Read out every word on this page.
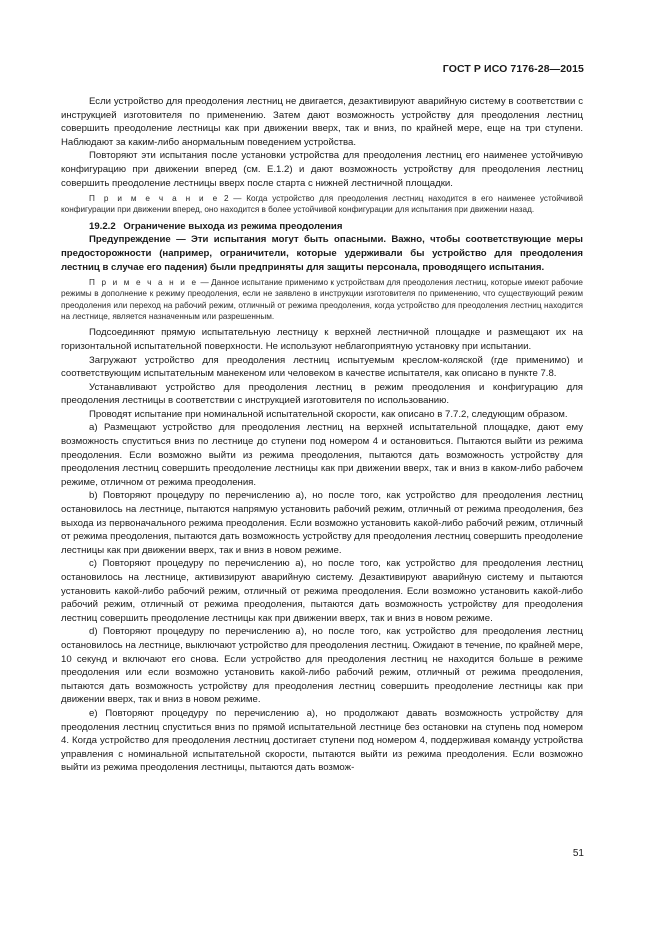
ГОСТ Р ИСО 7176-28—2015

Если устройство для преодоления лестниц не двигается, дезактивируют аварийную систему в соответствии с инструкцией изготовителя по применению. Затем дают возможность устройству для преодоления лестниц совершить преодоление лестницы как при движении вверх, так и вниз, по крайней мере, еще на три ступени. Наблюдают за каким-либо анормальным поведением устройства.

Повторяют эти испытания после установки устройства для преодоления лестниц его наименее устойчивую конфигурацию при движении вперед (см. Е.1.2) и дают возможность устройству для преодоления лестниц совершить преодоление лестницы вверх после старта с нижней лестничной площадки.

П р и м е ч а н и е 2 — Когда устройство для преодоления лестниц находится в его наименее устойчивой конфигурации при движении вперед, оно находится в более устойчивой конфигурации для испытания при движении назад.

19.2.2 Ограничение выхода из режима преодоления

Предупреждение — Эти испытания могут быть опасными. Важно, чтобы соответствующие меры предосторожности (например, ограничители, которые удерживали бы устройство для преодоления лестниц в случае его падения) были предприняты для защиты персонала, проводящего испытания.

П р и м е ч а н и е — Данное испытание применимо к устройствам для преодоления лестниц, которые имеют рабочие режимы в дополнение к режиму преодоления, если не заявлено в инструкции изготовителя по применению, что существующий режим преодоления или переход на рабочий режим, отличный от режима преодоления, когда устройство для преодоления лестниц находится на лестнице, является назначенным или разрешенным.

Подсоединяют прямую испытательную лестницу к верхней лестничной площадке и размещают их на горизонтальной испытательной поверхности. Не используют неблагоприятную установку при испытании.

Загружают устройство для преодоления лестниц испытуемым креслом-коляской (где применимо) и соответствующим испытательным манекеном или человеком в качестве испытателя, как описано в пункте 7.8.

Устанавливают устройство для преодоления лестниц в режим преодоления и конфигурацию для преодоления лестницы в соответствии с инструкцией изготовителя по использованию.

Проводят испытание при номинальной испытательной скорости, как описано в 7.7.2, следующим образом.

a) Размещают устройство для преодоления лестниц на верхней испытательной площадке, дают ему возможность спуститься вниз по лестнице до ступени под номером 4 и остановиться. Пытаются выйти из режима преодоления. Если возможно выйти из режима преодоления, пытаются дать возможность устройству для преодоления лестниц совершить преодоление лестницы как при движении вверх, так и вниз в каком-либо рабочем режиме, отличном от режима преодоления.

b) Повторяют процедуру по перечислению а), но после того, как устройство для преодоления лестниц остановилось на лестнице, пытаются напрямую установить рабочий режим, отличный от режима преодоления, без выхода из первоначального режима преодоления. Если возможно установить какой-либо рабочий режим, отличный от режима преодоления, пытаются дать возможность устройству для преодоления лестниц совершить преодоление лестницы как при движении вверх, так и вниз в новом режиме.

c) Повторяют процедуру по перечислению а), но после того, как устройство для преодоления лестниц остановилось на лестнице, активизируют аварийную систему. Дезактивируют аварийную систему и пытаются установить какой-либо рабочий режим, отличный от режима преодоления. Если возможно установить какой-либо рабочий режим, отличный от режима преодоления, пытаются дать возможность устройству для преодоления лестниц совершить преодоление лестницы как при движении вверх, так и вниз в новом режиме.

d) Повторяют процедуру по перечислению а), но после того, как устройство для преодоления лестниц остановилось на лестнице, выключают устройство для преодоления лестниц. Ожидают в течение, по крайней мере, 10 секунд и включают его снова. Если устройство для преодоления лестниц не находится больше в режиме преодоления или если возможно установить какой-либо рабочий режим, отличный от режима преодоления, пытаются дать возможность устройству для преодоления лестниц совершить преодоление лестницы как при движении вверх, так и вниз в новом режиме.

e) Повторяют процедуру по перечислению а), но продолжают давать возможность устройству для преодоления лестниц спуститься вниз по прямой испытательной лестнице без остановки на ступень под номером 4. Когда устройство для преодоления лестниц достигает ступени под номером 4, поддерживая команду устройства управления с номинальной испытательной скорости, пытаются выйти из режима преодоления. Если возможно выйти из режима преодоления лестницы, пытаются дать возмож-

51
